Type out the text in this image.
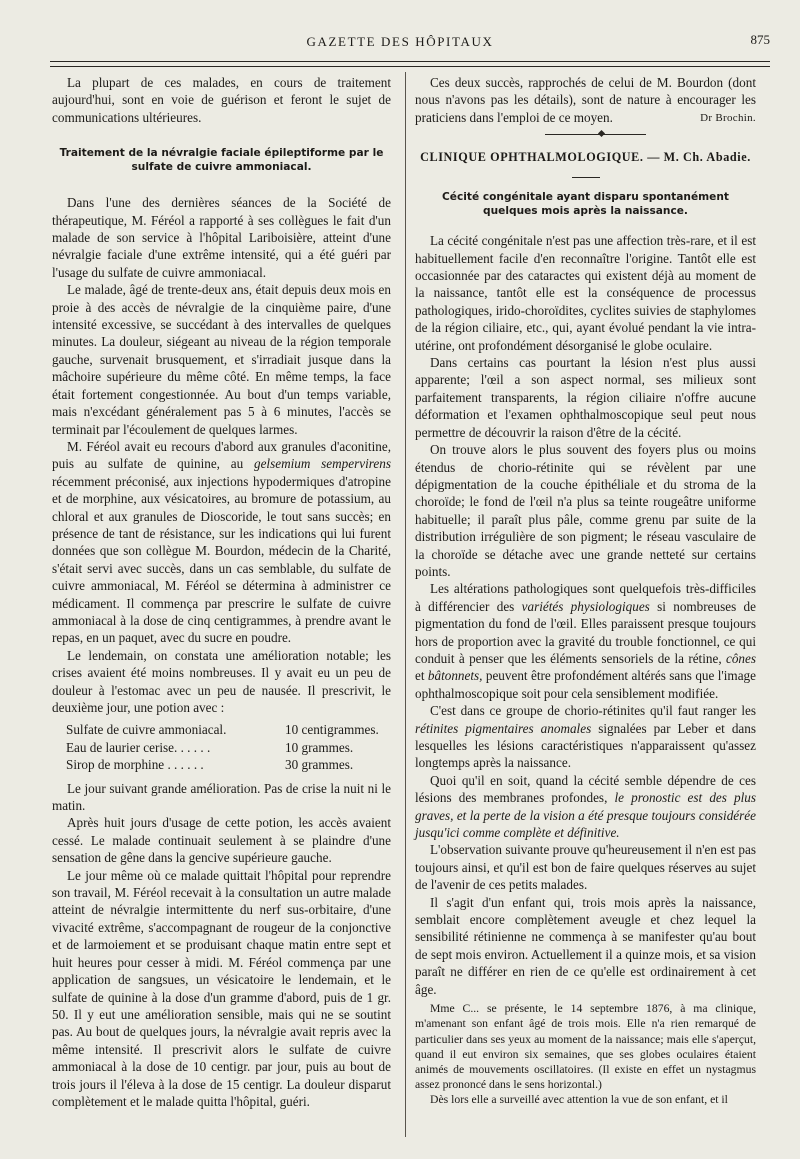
GAZETTE DES HÔPITAUX	875

La plupart de ces malades, en cours de traitement aujourd'hui, sont en voie de guérison et feront le sujet de communications ultérieures.

Traitement de la névralgie faciale épileptiforme par le sulfate de cuivre ammoniacal.

Dans l'une des dernières séances de la Société de thérapeutique, M. Féréol a rapporté à ses collègues le fait d'un malade de son service à l'hôpital Lariboisière, atteint d'une névralgie faciale d'une extrême intensité, qui a été guéri par l'usage du sulfate de cuivre ammoniacal.

Le malade, âgé de trente-deux ans, était depuis deux mois en proie à des accès de névralgie de la cinquième paire, d'une intensité excessive, se succédant à des intervalles de quelques minutes. La douleur, siégeant au niveau de la région temporale gauche, survenait brusquement, et s'irradiait jusque dans la mâchoire supérieure du même côté. En même temps, la face était fortement congestionnée. Au bout d'un temps variable, mais n'excédant généralement pas 5 à 6 minutes, l'accès se terminait par l'écoulement de quelques larmes.

M. Féréol avait eu recours d'abord aux granules d'aconitine, puis au sulfate de quinine, au gelsemium sempervirens récemment préconisé, aux injections hypodermiques d'atropine et de morphine, aux vésicatoires, au bromure de potassium, au chloral et aux granules de Dioscoride, le tout sans succès; en présence de tant de résistance, sur les indications qui lui furent données que son collègue M. Bourdon, médecin de la Charité, s'était servi avec succès, dans un cas semblable, du sulfate de cuivre ammoniacal, M. Féréol se détermina à administrer ce médicament. Il commença par prescrire le sulfate de cuivre ammoniacal à la dose de cinq centigrammes, à prendre avant le repas, en un paquet, avec du sucre en poudre.

Le lendemain, on constata une amélioration notable; les crises avaient été moins nombreuses. Il y avait eu un peu de douleur à l'estomac avec un peu de nausée. Il prescrivit, le deuxième jour, une potion avec :

Sulfate de cuivre ammoniacal.	10 centigrammes.
Eau de laurier cerise. . . . . .	10 grammes.
Sirop de morphine . . . . . .	30 grammes.

Le jour suivant grande amélioration. Pas de crise la nuit ni le matin.

Après huit jours d'usage de cette potion, les accès avaient cessé. Le malade continuait seulement à se plaindre d'une sensation de gêne dans la gencive supérieure gauche.

Le jour même où ce malade quittait l'hôpital pour reprendre son travail, M. Féréol recevait à la consultation un autre malade atteint de névralgie intermittente du nerf sus-orbitaire, d'une vivacité extrême, s'accompagnant de rougeur de la conjonctive et de larmoiement et se produisant chaque matin entre sept et huit heures pour cesser à midi. M. Féréol commença par une application de sangsues, un vésicatoire le lendemain, et le sulfate de quinine à la dose d'un gramme d'abord, puis de 1 gr. 50. Il y eut une amélioration sensible, mais qui ne se soutint pas. Au bout de quelques jours, la névralgie avait repris avec la même intensité. Il prescrivit alors le sulfate de cuivre ammoniacal à la dose de 10 centigr. par jour, puis au bout de trois jours il l'éleva à la dose de 15 centigr. La douleur disparut complètement et le malade quitta l'hôpital, guéri.

Ces deux succès, rapprochés de celui de M. Bourdon (dont nous n'avons pas les détails), sont de nature à encourager les praticiens dans l'emploi de ce moyen.	Dr Brochin.

CLINIQUE OPHTHALMOLOGIQUE. — M. Ch. Abadie.
Cécité congénitale ayant disparu spontanément quelques mois après la naissance.

La cécité congénitale n'est pas une affection très-rare, et il est habituellement facile d'en reconnaître l'origine. Tantôt elle est occasionnée par des cataractes qui existent déjà au moment de la naissance, tantôt elle est la conséquence de processus pathologiques, irido-choroïdites, cyclites suivies de staphylomes de la région ciliaire, etc., qui, ayant évolué pendant la vie intra-utérine, ont profondément désorganisé le globe oculaire.

Dans certains cas pourtant la lésion n'est plus aussi apparente; l'œil a son aspect normal, ses milieux sont parfaitement transparents, la région ciliaire n'offre aucune déformation et l'examen ophthalmoscopique seul peut nous permettre de découvrir la raison d'être de la cécité.

On trouve alors le plus souvent des foyers plus ou moins étendus de chorio-rétinite qui se révèlent par une dépigmentation de la couche épithéliale et du stroma de la choroïde; le fond de l'œil n'a plus sa teinte rougeâtre uniforme habituelle; il paraît plus pâle, comme grenu par suite de la distribution irrégulière de son pigment; le réseau vasculaire de la choroïde se détache avec une grande netteté sur certains points.

Les altérations pathologiques sont quelquefois très-difficiles à différencier des variétés physiologiques si nombreuses de pigmentation du fond de l'œil. Elles paraissent presque toujours hors de proportion avec la gravité du trouble fonctionnel, ce qui conduit à penser que les éléments sensoriels de la rétine, cônes et bâtonnets, peuvent être profondément altérés sans que l'image ophthalmoscopique soit pour cela sensiblement modifiée.

C'est dans ce groupe de chorio-rétinites qu'il faut ranger les rétinites pigmentaires anomales signalées par Leber et dans lesquelles les lésions caractéristiques n'apparaissent qu'assez longtemps après la naissance.

Quoi qu'il en soit, quand la cécité semble dépendre de ces lésions des membranes profondes, le pronostic est des plus graves, et la perte de la vision a été presque toujours considérée jusqu'ici comme complète et définitive.

L'observation suivante prouve qu'heureusement il n'en est pas toujours ainsi, et qu'il est bon de faire quelques réserves au sujet de l'avenir de ces petits malades.

Il s'agit d'un enfant qui, trois mois après la naissance, semblait encore complètement aveugle et chez lequel la sensibilité rétinienne ne commença à se manifester qu'au bout de sept mois environ. Actuellement il a quinze mois, et sa vision paraît ne différer en rien de ce qu'elle est ordinairement à cet âge.

Mme C... se présente, le 14 septembre 1876, à ma clinique, m'amenant son enfant âgé de trois mois. Elle n'a rien remarqué de particulier dans ses yeux au moment de la naissance; mais elle s'aperçut, quand il eut environ six semaines, que ses globes oculaires étaient animés de mouvements oscillatoires. (Il existe en effet un nystagmus assez prononcé dans le sens horizontal.)

Dès lors elle a surveillé avec attention la vue de son enfant, et il
